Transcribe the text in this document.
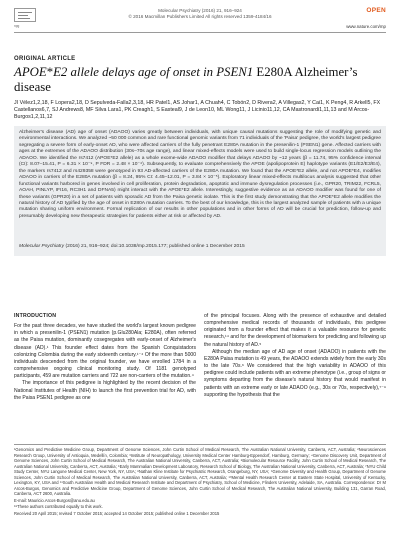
npg
Molecular Psychiatry (2016) 21, 916–924
© 2016 Macmillan Publishers Limited All rights reserved 1359-4184/16
OPEN
www.nature.com/mp
ORIGINAL ARTICLE
APOE*E2 allele delays age of onset in PSEN1 E280A Alzheimer’s disease
JI Vélez1,2,18, F Lopera2,18, D Sepulveda-Falla2,3,18, HR Patel1, AS Johar1, A Chuah4, C Tobón2, D Rivera2, A Villegas2, Y Cai1, K Peng4, R Arkell5, FX Castellanos6,7, SJ Andrews8, MF Silva Lara1, PK Creagh1, S Easteal9, J de Leon10, ML Wong11, J Licinio11,12, CA Mastronardi1,11,13 and M Arcos-Burgos1,2,11,12
Alzheimer's disease (AD) age of onset (ADAOO) varies greatly between individuals, with unique causal mutations suggesting the role of modifying genetic and environmental interactions. We analyzed ~50 000 common and rare functional genomic variants from 71 individuals of the 'Paisa' pedigree, the world's largest pedigree segregating a severe form of early-onset AD, who were affected carriers of the fully penetrant E280A mutation in the presenilin-1 (PSEN1) gene. Affected carriers with ages at the extremes of the ADAOO distribution (30s–70s age range), and linear mixed-effects models were used to build single-locus regression models outlining the ADAOO. We identified the rs7412 (APOE*E2 allele) as a whole exome-wide ADAOO modifier that delays ADAOO by ~12 years (β = 11.74, 95% confidence interval (CI): 8.07–15.41, P = 6.31 × 10⁻⁹, P FDR = 2.48 × 10⁻⁴). Subsequently, to evaluate comprehensively the APOE (apolipoprotein E) haplotype variants (E1/E2/E3/E4), the markers rs7412 and rs429358 were genotyped in 93 AD-affected carriers of the E280A mutation. We found that the APOE*E2 allele, and not APOE*E4, modifies ADAOO in carriers of the E280A mutation (β = 8.24, 95% CI: 4.45–12.01, P = 3.84 × 10⁻⁵). Exploratory linear mixed-effects multilocus analysis suggested that other functional variants harbored in genes involved in cell proliferation, protein degradation, apoptotic and immune dysregulation processes (i.e., GPR20, TRIM22, FCRL5, AOAH, PINLYP, IFI16, RC3H1 and DFNA5) might interact with the APOE*E2 allele. Interestingly, suggestive evidence as an ADAOO modifier was found for one of these variants (GPR20) in a set of patients with sporadic AD from the Paisa genetic isolate. This is the first study demonstrating that the APOE*E2 allele modifies the natural history of AD typified by the age of onset in E280A mutation carriers. To the best of our knowledge, this is the largest analyzed sample of patients with a unique mutation sharing uniform environment. Formal replication of our results in other populations and in other forms of AD will be crucial for prediction, follow-up and presumably developing new therapeutic strategies for patients either at risk or affected by AD.
Molecular Psychiatry (2016) 21, 916–924; doi:10.1038/mp.2015.177; published online 1 December 2015
INTRODUCTION

For the past three decades, we have studied the world's largest known pedigree in which a presenilin-1 (PSEN1) mutation (p.Glu280Ala; E280A), often referred as the Paisa mutation, dominantly cosegregates with early-onset of Alzheimer's disease (AD).¹ This founder effect dates from the Spanish Conquistadors colonizing Colombia during the early sixteenth century.¹⁻⁴ Of the more than 5000 individuals descended from the original founder, we have enrolled 1784 in a comprehensive ongoing clinical monitoring study. Of 1181 genotyped participants, 459 are mutation carriers and 722 are non-carriers of the mutation.⁴

The importance of this pedigree is highlighted by the recent decision of the National Institutes of Health (NIH) to launch the first prevention trial for AD, with the Paisa PSEN1 pedigree as one

of the principal focuses. Along with the presence of exhaustive and detailed comprehensive medical records of thousands of individuals, this pedigree originated from a founder effect that makes it a valuable resource for genetic research,¹⁴ and for the development of biomarkers for predicting and following up the natural history of AD.⁵

Although the median age of AD age of onset (ADAOO) in patients with the E280A Paisa mutation is 49 years, the ADAOO extends widely from the early 30s to the late 70s.⁶ We considered that the high variability in ADAOO of this pedigree could include patients with an extreme phenotype (i.e., group of signs or symptoms departing from the disease's natural history that would manifest in patients with an extreme early or late ADAOO (e.g., 30s or 70s, respectively),⁷⁻⁹ supporting the hypothesis that the

¹Genomics and Predictive Medicine Group, Department of Genome Sciences, John Curtin School of Medical Research, The Australian National University, Canberra, ACT, Australia; ²Neurosciences Research Group, University of Antioquia, Medellín, Colombia; ³Institute of Neuropathology, University Medical Center Hamburg-Eppendorf, Hamburg, Germany; ⁴Genome Discovery Unit, Department of Genome Sciences, John Curtin School of Medical Research, The Australian National University, Canberra, ACT, Australia; ⁵Biomolecular Resource Facility, John Curtin School of Medical Research, The Australian National University, Canberra, ACT, Australia; ⁶Early Mammalian Development Laboratory, Research School of Biology, The Australian National University, Canberra, ACT, Australia; ⁷NYU Child Study Center, NYU Langone Medical Center, New York, NY, USA; ⁸Nathan Kline Institute for Psychiatric Research, Orangeburg, NY, USA; ⁹Genome Diversity and Health Group, Department of Genome Sciences, John Curtin School of Medical Research, The Australian National University, Canberra, ACT, Australia; ¹⁰Mental Health Research Center at Eastern State Hospital, University of Kentucky, Lexington, KY, USA and ¹¹South Australian Health and Medical Research Institute and Department of Psychiatry, School of Medicine, Flinders University, Adelaide, SA, Australia. Correspondence: Dr M Arcos-Burgos, Genomics and Predictive Medicine Group, Department of Genome Sciences, John Curtin School of Medical Research, The Australian National University, Building 131, Garran Road, Canberra, ACT 2600, Australia.

E-mail: Mauricio.Arcos-Burgos@anu.edu.au

¹⁸These authors contributed equally to this work.

Received 20 April 2015; revised 7 October 2015; accepted 14 October 2015; published online 1 December 2015
